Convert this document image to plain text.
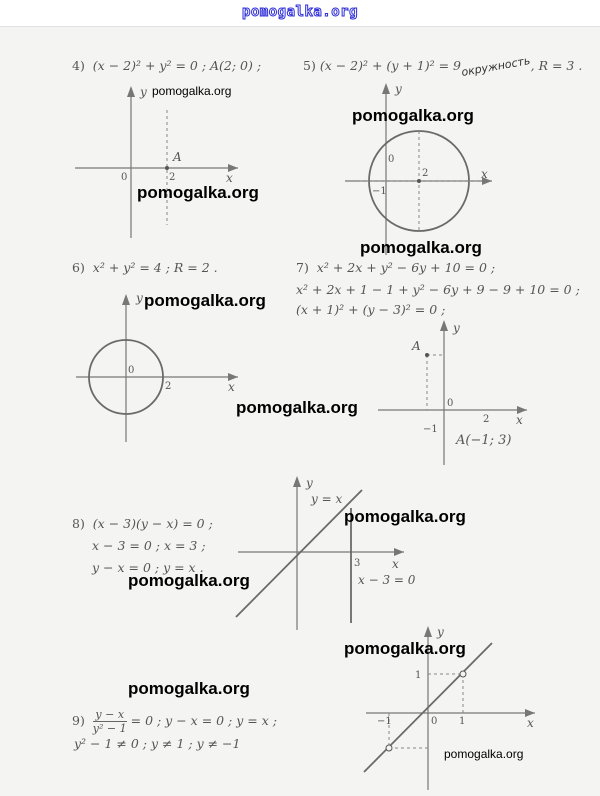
pomogalka.org
4) (x − 2)² + y² = 0 ; A(2; 0) ;	5) (x − 2)² + (y + 1)² = 9окружность, R = 3 .
6) x² + y² = 4 ; R = 2 .	7) x² + 2x + y² − 6y + 10 = 0 ;
x² + 2x + 1 − 1 + y² − 6y + 9 − 9 + 10 = 0 ;
(x + 1)² + (y − 3)² = 0 ;
8) (x − 3)(y − x) = 0 ;
x − 3 = 0 ; x = 3 ;
y − x = 0 ; y = x .
$9) \frac{y - x}{\text{y² − 1}} = 0$ ; y − x = 0 ; y = x ;
y² − 1 ≠ 0 ; y ≠ 1 ; y ≠ −1
A
0	2	x
y
0
2
−1
x
y
0
2	x
y
A
0
2
−1
x
y
A(−1; 3)
3	x
y
y = x
x − 3 = 0
0 1
−1
1
x
y
pomogalka.org
pomogalka.org
pomogalka.org
pomogalka.org
pomogalka.org
pomogalka.org
pomogalka.org
pomogalka.org
pomogalka.org
pomogalka.org
pomogalka.org
